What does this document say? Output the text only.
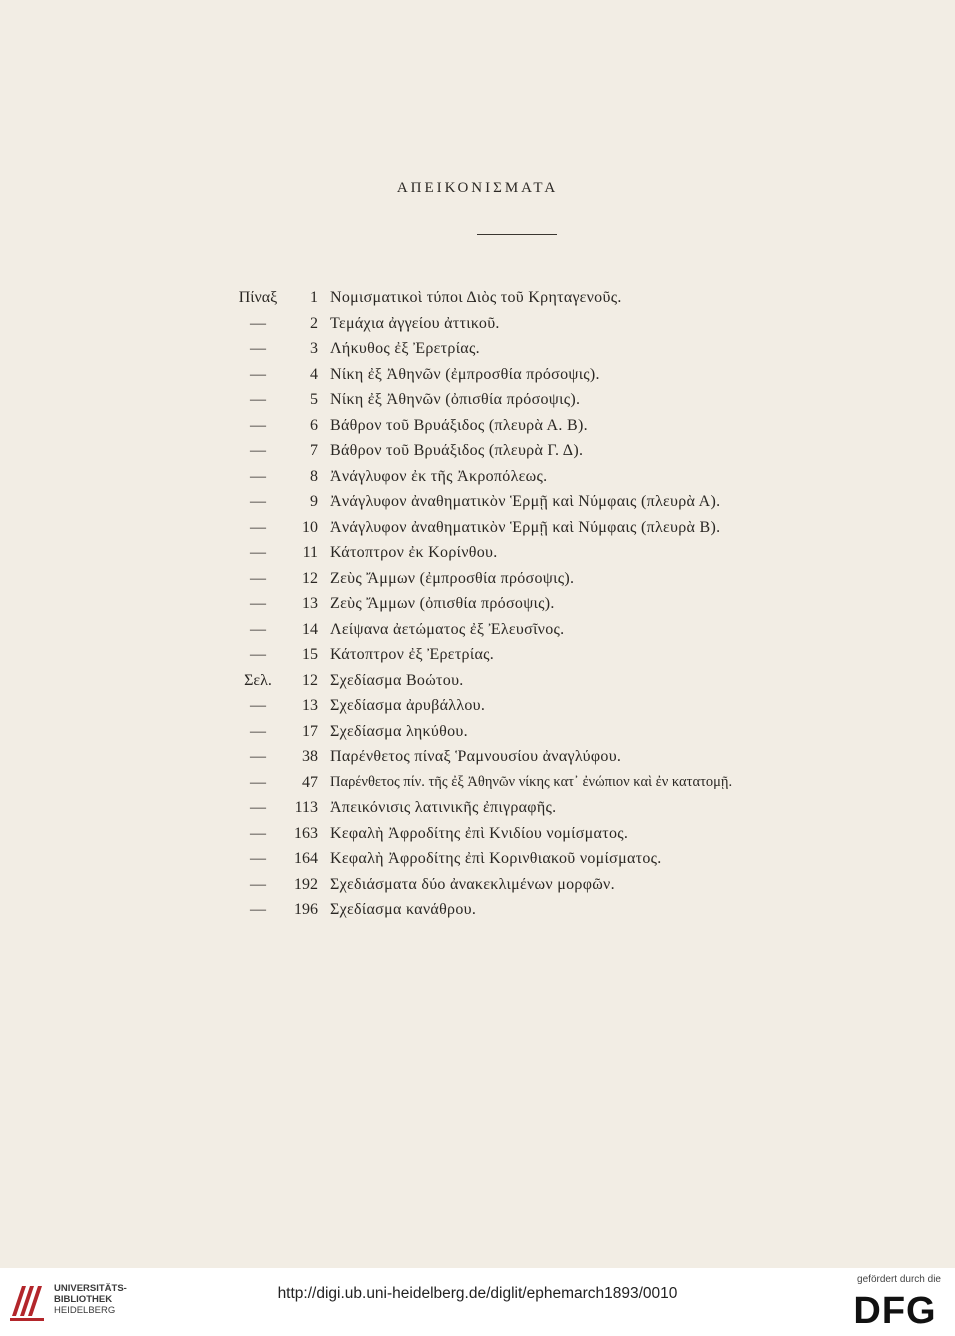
ΑΠΕΙΚΟΝΙΣΜΑΤΑ
Πίναξ	1 Νομισματικοὶ τύποι Διὸς τοῦ Κρηταγενοῦς.
—	2 Τεμάχια ἀγγείου ἀττικοῦ.
—	3 Λήκυθος ἐξ Ἐρετρίας.
—	4 Νίκη ἐξ Ἀθηνῶν (ἐμπροσθία πρόσοψις).
—	5 Νίκη ἐξ Ἀθηνῶν (ὀπισθία πρόσοψις).
—	6 Βάθρον τοῦ Βρυάξιδος (πλευρὰ Α. Β).
—	7 Βάθρον τοῦ Βρυάξιδος (πλευρὰ Γ. Δ).
—	8 Ἀνάγλυφον ἐκ τῆς Ἀκροπόλεως.
—	9 Ἀνάγλυφον ἀναθηματικὸν Ἑρμῇ καὶ Νύμφαις (πλευρὰ Α).
—	10 Ἀνάγλυφον ἀναθηματικὸν Ἑρμῇ καὶ Νύμφαις (πλευρὰ Β).
—	11 Κάτοπτρον ἐκ Κορίνθου.
—	12 Ζεὺς Ἄμμων (ἐμπροσθία πρόσοψις).
—	13 Ζεὺς Ἄμμων (ὀπισθία πρόσοψις).
—	14 Λείψανα ἀετώματος ἐξ Ἐλευσῖνος.
—	15 Κάτοπτρον ἐξ Ἐρετρίας.
Σελ.	12 Σχεδίασμα Βοώτου.
—	13 Σχεδίασμα ἀρυβάλλου.
—	17 Σχεδίασμα ληκύθου.
—	38 Παρένθετος πίναξ Ῥαμνουσίου ἀναγλύφου.
—	47 Παρένθετος πίν. τῆς ἐξ Ἀθηνῶν νίκης κατ᾽ ἐνώπιον καὶ ἐν κατατομῇ.
—	113 Ἀπεικόνισις λατινικῆς ἐπιγραφῆς.
—	163 Κεφαλὴ Ἀφροδίτης ἐπὶ Κνιδίου νομίσματος.
—	164 Κεφαλὴ Ἀφροδίτης ἐπὶ Κορινθιακοῦ νομίσματος.
—	192 Σχεδιάσματα δύο ἀνακεκλιμένων μορφῶν.
—	196 Σχεδίασμα κανάθρου.
UNIVERSITÄTS-
BIBLIOTHEK
HEIDELBERG
http://digi.ub.uni-heidelberg.de/diglit/ephemarch1893/0010
gefördert durch die
DFG
